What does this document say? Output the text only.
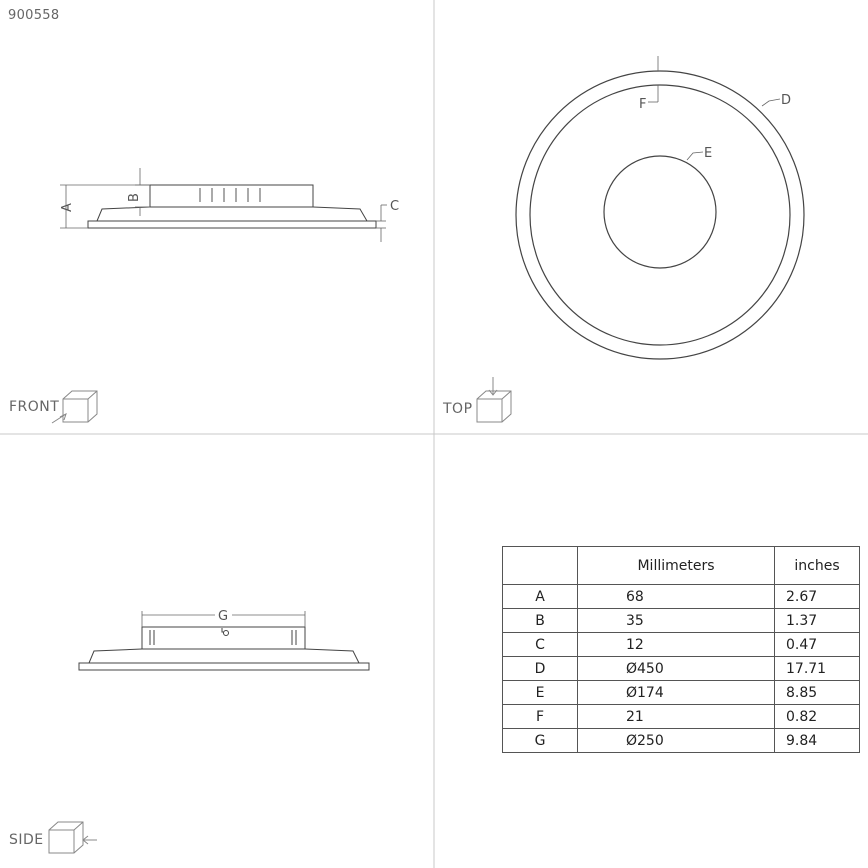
900558
A
B
C
D
E
F
G
FRONT	TOP
SIDE
	Millimeters	inches
A	68	2.67
B	35	1.37
C	12	0.47
D	Ø450	17.71
E	Ø174	8.85
F	21	0.82
G	Ø250	9.84
